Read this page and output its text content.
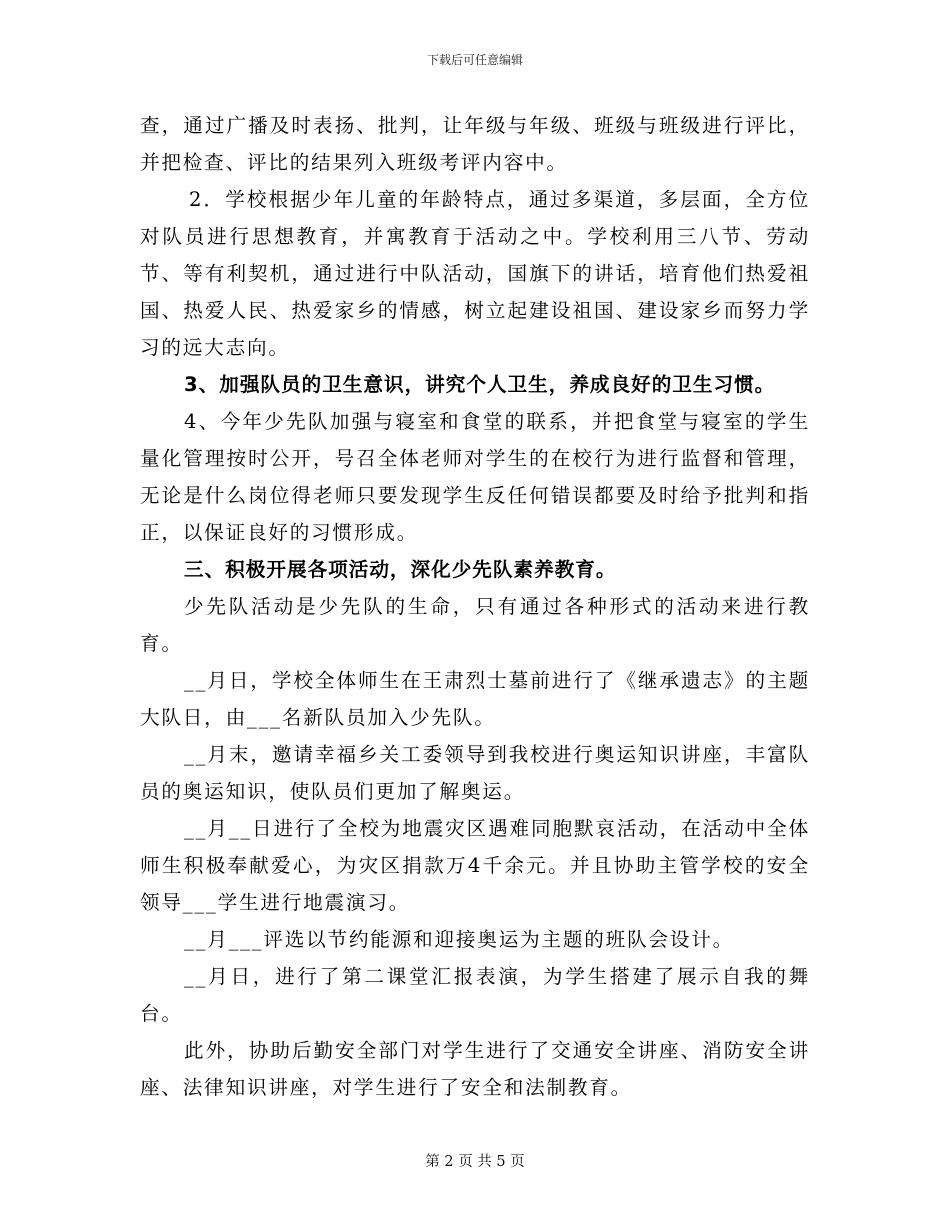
下载后可任意编辑

查，通过广播及时表扬、批判，让年级与年级、班级与班级进行评比，并把检查、评比的结果列入班级考评内容中。

2．学校根据少年儿童的年龄特点，通过多渠道，多层面，全方位对队员进行思想教育，并寓教育于活动之中。学校利用三八节、劳动节、等有利契机，通过进行中队活动，国旗下的讲话，培育他们热爱祖国、热爱人民、热爱家乡的情感，树立起建设祖国、建设家乡而努力学习的远大志向。

3、加强队员的卫生意识，讲究个人卫生，养成良好的卫生习惯。

4、今年少先队加强与寝室和食堂的联系，并把食堂与寝室的学生量化管理按时公开，号召全体老师对学生的在校行为进行监督和管理，无论是什么岗位得老师只要发现学生反任何错误都要及时给予批判和指正，以保证良好的习惯形成。

三、积极开展各项活动，深化少先队素养教育。

少先队活动是少先队的生命，只有通过各种形式的活动来进行教育。

__月日，学校全体师生在王肃烈士墓前进行了《继承遗志》的主题大队日，由___名新队员加入少先队。

__月末，邀请幸福乡关工委领导到我校进行奥运知识讲座，丰富队员的奥运知识，使队员们更加了解奥运。

__月__日进行了全校为地震灾区遇难同胞默哀活动，在活动中全体师生积极奉献爱心，为灾区捐款万4千余元。并且协助主管学校的安全领导___学生进行地震演习。

__月___评选以节约能源和迎接奥运为主题的班队会设计。

__月日，进行了第二课堂汇报表演，为学生搭建了展示自我的舞台。

此外，协助后勤安全部门对学生进行了交通安全讲座、消防安全讲座、法律知识讲座，对学生进行了安全和法制教育。

第 2 页 共 5 页
